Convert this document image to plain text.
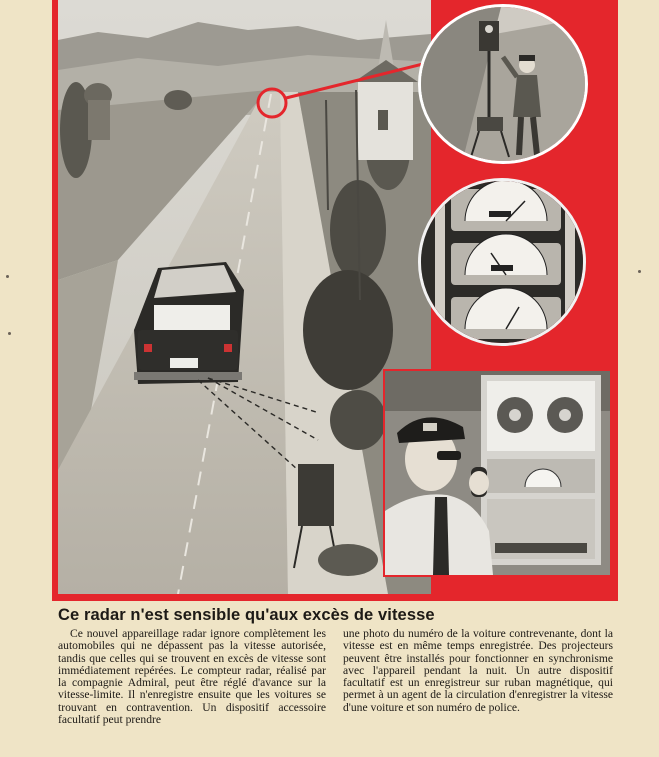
Ce radar n'est sensible qu'aux excès de vitesse

Ce nouvel appareillage radar ignore complètement les automobiles qui ne dépassent pas la vitesse autorisée, tandis que celles qui se trouvent en excès de vitesse sont immédiatement repérées. Le compteur radar, réalisé par la compagnie Admiral, peut être réglé d'avance sur la vitesse-limite. Il n'enregistre ensuite que les voitures se trouvant en contravention. Un dispositif accessoire facultatif peut prendre

une photo du numéro de la voiture contrevenante, dont la vitesse est en même temps enregistrée. Des projecteurs peuvent être installés pour fonctionner en synchronisme avec l'appareil pendant la nuit. Un autre dispositif facultatif est un enregistreur sur ruban magnétique, qui permet à un agent de la circulation d'enregistrer la vitesse d'une voiture et son numéro de police.
